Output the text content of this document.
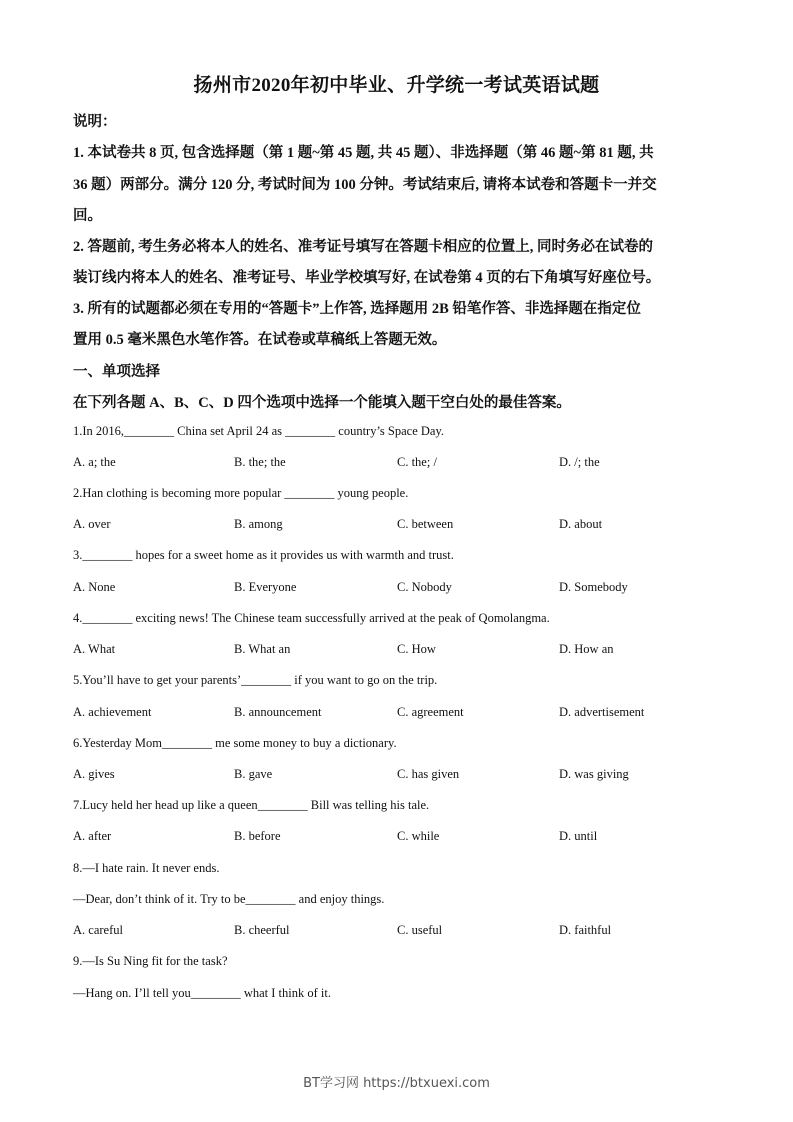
扬州市2020年初中毕业、升学统一考试英语试题
说明：
1. 本试卷共 8 页, 包含选择题（第 1 题~第 45 题, 共 45 题）、非选择题（第 46 题~第 81 题, 共
36 题）两部分。满分 120 分, 考试时间为 100 分钟。考试结束后, 请将本试卷和答题卡一并交
回。
2. 答题前, 考生务必将本人的姓名、准考证号填写在答题卡相应的位置上, 同时务必在试卷的
装订线内将本人的姓名、准考证号、毕业学校填写好, 在试卷第 4 页的右下角填写好座位号。
3. 所有的试题都必须在专用的“答题卡”上作答, 选择题用 2B 铅笔作答、非选择题在指定位
置用 0.5 毫米黑色水笔作答。在试卷或草稿纸上答题无效。
一、单项选择
在下列各题 A、B、C、D 四个选项中选择一个能填入题干空白处的最佳答案。
1.In 2016,________ China set April 24 as ________ country’s Space Day.
A. a; the	B. the; the	C. the; /	D. /; the
2.Han clothing is becoming more popular ________ young people.
A. over	B. among	C. between	D. about
3.________ hopes for a sweet home as it provides us with warmth and trust.
A. None	B. Everyone	C. Nobody	D. Somebody
4.________ exciting news! The Chinese team successfully arrived at the peak of Qomolangma.
A. What	B. What an	C. How	D. How an
5.You’ll have to get your parents’________ if you want to go on the trip.
A. achievement	B. announcement	C. agreement	D. advertisement
6.Yesterday Mom________ me some money to buy a dictionary.
A. gives	B. gave	C. has given	D. was giving
7.Lucy held her head up like a queen________ Bill was telling his tale.
A. after	B. before	C. while	D. until
8.—I hate rain. It never ends.
—Dear, don’t think of it. Try to be________ and enjoy things.
A. careful	B. cheerful	C. useful	D. faithful
9.—Is Su Ning fit for the task?
—Hang on. I’ll tell you________ what I think of it.
BT学习网 https://btxuexi.com
